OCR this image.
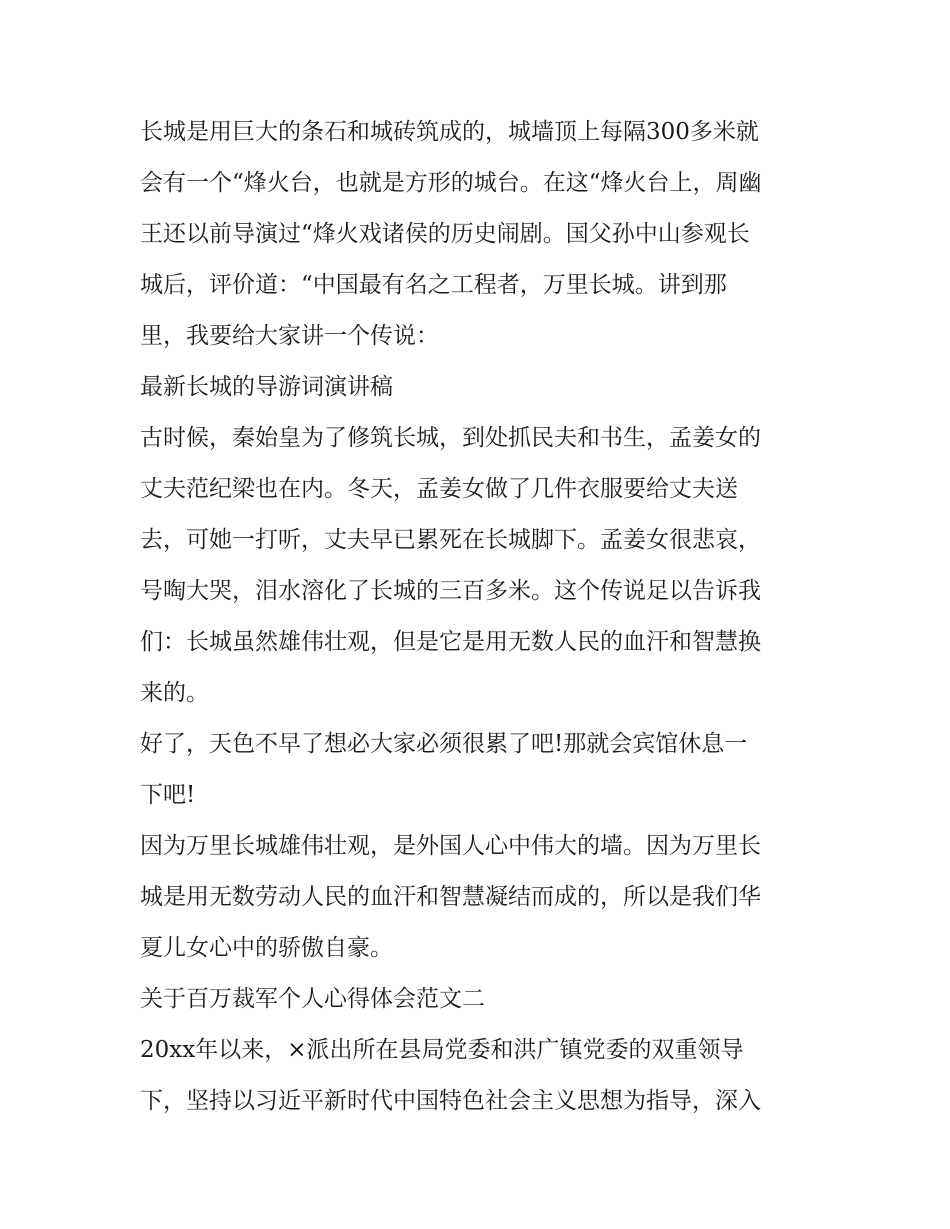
长城是用巨大的条石和城砖筑成的，城墙顶上每隔300多米就
会有一个“烽火台，也就是方形的城台。在这“烽火台上，周幽
王还以前导演过“烽火戏诸侯的历史闹剧。国父孙中山参观长
城后，评价道：“中国最有名之工程者，万里长城。讲到那
里，我要给大家讲一个传说：
最新长城的导游词演讲稿
古时候，秦始皇为了修筑长城，到处抓民夫和书生，孟姜女的
丈夫范纪梁也在内。冬天，孟姜女做了几件衣服要给丈夫送
去，可她一打听，丈夫早已累死在长城脚下。孟姜女很悲哀，
号啕大哭，泪水溶化了长城的三百多米。这个传说足以告诉我
们：长城虽然雄伟壮观，但是它是用无数人民的血汗和智慧换
来的。
好了，天色不早了想必大家必须很累了吧!那就会宾馆休息一
下吧!
因为万里长城雄伟壮观，是外国人心中伟大的墙。因为万里长
城是用无数劳动人民的血汗和智慧凝结而成的，所以是我们华
夏儿女心中的骄傲自豪。
关于百万裁军个人心得体会范文二
20xx年以来，×派出所在县局党委和洪广镇党委的双重领导
下，坚持以习近平新时代中国特色社会主义思想为指导，深入
